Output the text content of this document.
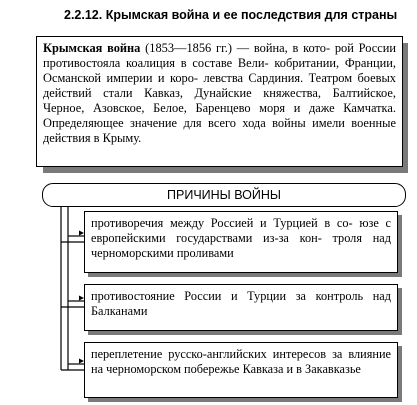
2.2.12. Крымская война и ее последствия для страны
Крымская война (1853—1856 гг.) — война, в кото- рой России противостояла коалиция в составе Вели- кобритании, Франции, Османской империи и коро- левства Сардиния. Театром боевых действий стали Кавказ, Дунайские княжества, Балтийское, Черное, Азовское, Белое, Баренцево моря и даже Камчатка. Определяющее значение для всего хода войны имели военные действия в Крыму.
ПРИЧИНЫ ВОЙНЫ
противоречия между Россией и Турцией в со- юзе с европейскими государствами из-за кон- троля над черноморскими проливами
противостояние России и Турции за контроль над Балканами
переплетение русско-английских интересов за влияние на черноморском побережье Кавказа и в Закавказье
